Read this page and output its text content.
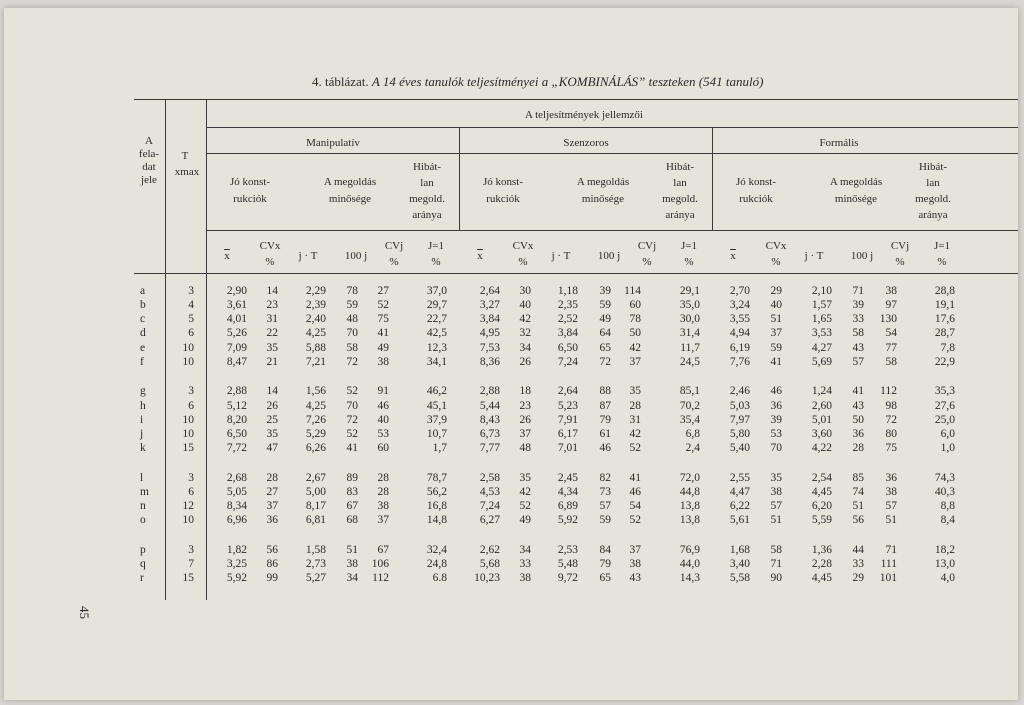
4. táblázat. A 14 éves tanulók teljesítményei a „KOMBINÁLÁS” teszteken (541 tanuló)
45
A
fela-
dat
jele
T
xmax
A teljesítmények jellemzői
Manipulatív	Szenzoros	Formális
Jó konst-
rukciók
A megoldás
minősége
Hibát-
lan
megold.
aránya
Jó konst-
rukciók
A megoldás
minősége
Hibát-
lan
megold.
aránya
Jó konst-
rukciók
A megoldás
minősége
Hibát-
lan
megold.
aránya
$\overline{x}$
CVx
%	j · T	100 j
CVj
%
J=1
%	$\overline{x}$
CVx
%	j · T	100 j
CVj
%
J=1
%	$\overline{x}$
CVx
%	j · T	100 j
CVj
%
J=1
%
a	3	2,90	14	2,29	78	27	37,0	2,64	30	1,18	39	114	29,1	2,70	29	2,10	71	38	28,8
b	4	3,61	23	2,39	59	52	29,7	3,27	40	2,35	59	60	35,0	3,24	40	1,57	39	97	19,1
c	5	4,01	31	2,40	48	75	22,7	3,84	42	2,52	49	78	30,0	3,55	51	1,65	33	130	17,6
d	6	5,26	22	4,25	70	41	42,5	4,95	32	3,84	64	50	31,4	4,94	37	3,53	58	54	28,7
e	10	7,09	35	5,88	58	49	12,3	7,53	34	6,50	65	42	11,7	6,19	59	4,27	43	77	7,8
f	10	8,47	21	7,21	72	38	34,1	8,36	26	7,24	72	37	24,5	7,76	41	5,69	57	58	22,9
g	3	2,88	14	1,56	52	91	46,2	2,88	18	2,64	88	35	85,1	2,46	46	1,24	41	112	35,3
h	6	5,12	26	4,25	70	46	45,1	5,44	23	5,23	87	28	70,2	5,03	36	2,60	43	98	27,6
i	10	8,20	25	7,26	72	40	37,9	8,43	26	7,91	79	31	35,4	7,97	39	5,01	50	72	25,0
j	10	6,50	35	5,29	52	53	10,7	6,73	37	6,17	61	42	6,8	5,80	53	3,60	36	80	6,0
k	15	7,72	47	6,26	41	60	1,7	7,77	48	7,01	46	52	2,4	5,40	70	4,22	28	75	1,0
l	3	2,68	28	2,67	89	28	78,7	2,58	35	2,45	82	41	72,0	2,55	35	2,54	85	36	74,3
m	6	5,05	27	5,00	83	28	56,2	4,53	42	4,34	73	46	44,8	4,47	38	4,45	74	38	40,3
n	12	8,34	37	8,17	67	38	16,8	7,24	52	6,89	57	54	13,8	6,22	57	6,20	51	57	8,8
o	10	6,96	36	6,81	68	37	14,8	6,27	49	5,92	59	52	13,8	5,61	51	5,59	56	51	8,4
p	3	1,82	56	1,58	51	67	32,4	2,62	34	2,53	84	37	76,9	1,68	58	1,36	44	71	18,2
q	7	3,25	86	2,73	38	106	24,8	5,68	33	5,48	79	38	44,0	3,40	71	2,28	33	111	13,0
r	15	5,92	99	5,27	34	112	6.8	10,23	38	9,72	65	43	14,3	5,58	90	4,45	29	101	4,0
